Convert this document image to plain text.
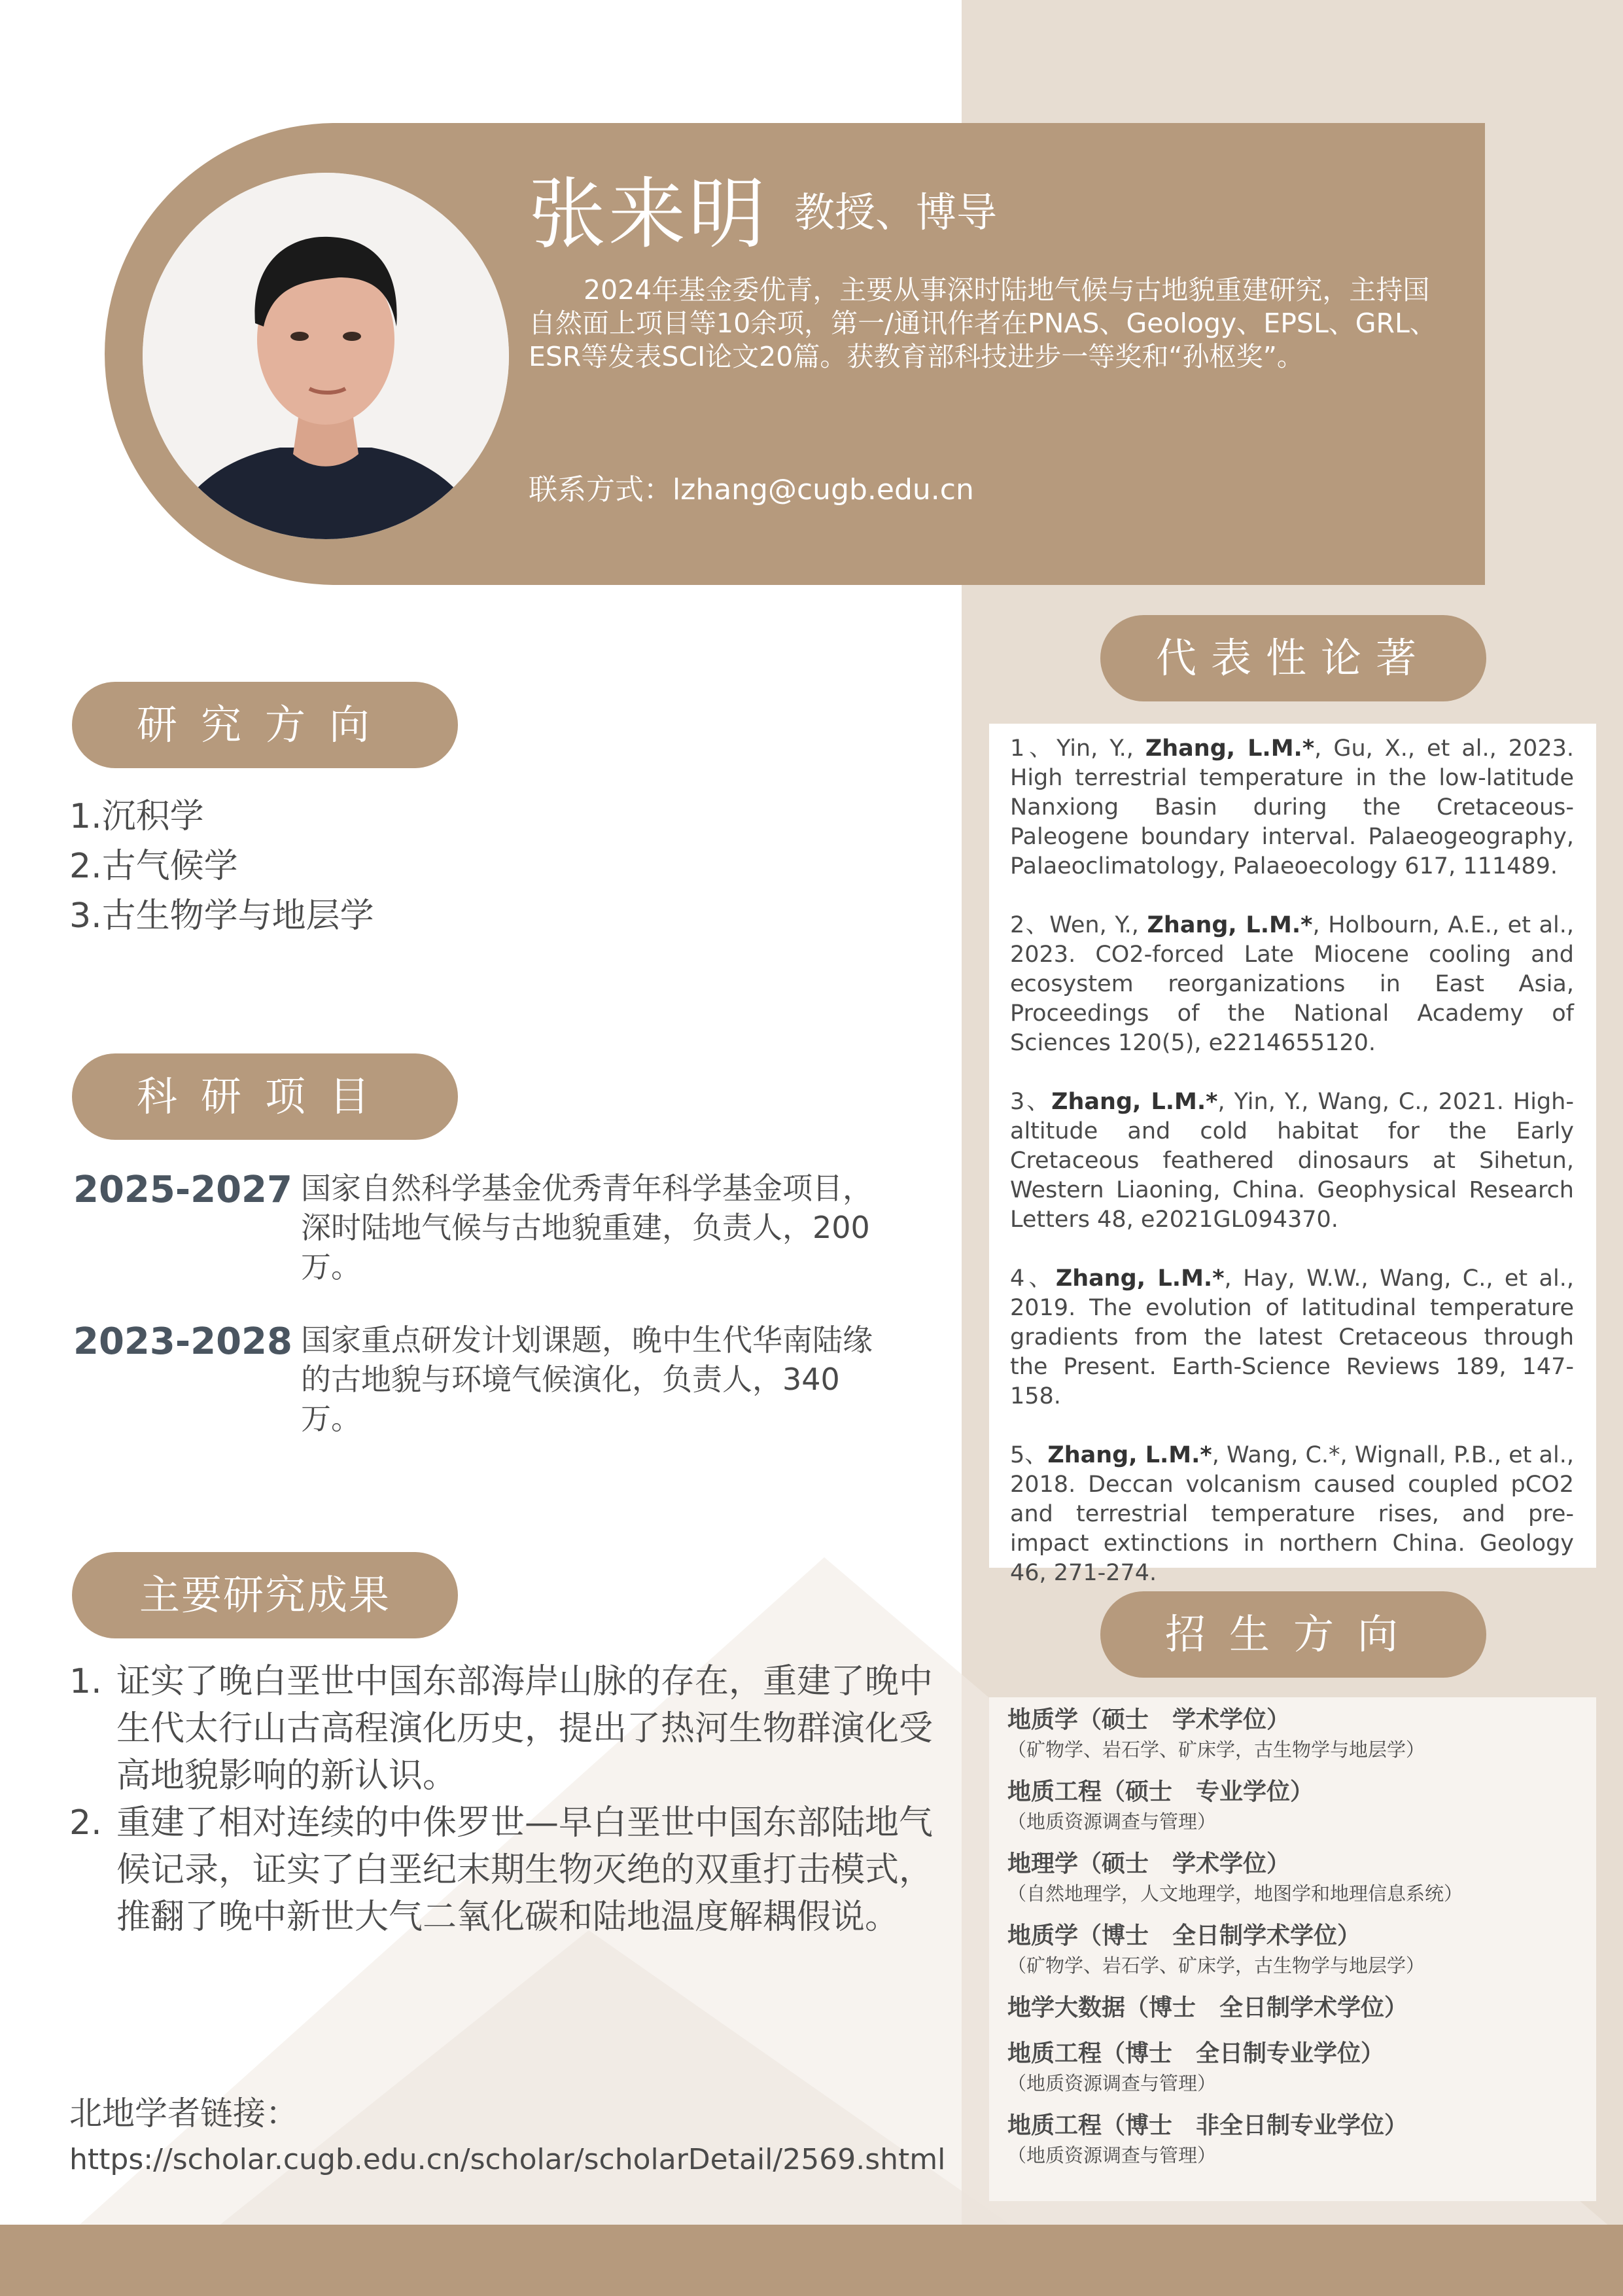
张来明 教授、博导
2024年基金委优青，主要从事深时陆地气候与古地貌重建研究，主持国自然面上项目等10余项，第一/通讯作者在PNAS、Geology、EPSL、GRL、ESR等发表SCI论文20篇。获教育部科技进步一等奖和“孙枢奖”。
联系方式：lzhang@cugb.edu.cn
研究方向
1.沉积学
2.古气候学
3.古生物学与地层学
科研项目
2025-2027 国家自然科学基金优秀青年科学基金项目，深时陆地气候与古地貌重建，负责人，200万。
2023-2028 国家重点研发计划课题，晚中生代华南陆缘的古地貌与环境气候演化，负责人，340万。
主要研究成果
1. 证实了晚白垩世中国东部海岸山脉的存在，重建了晚中生代太行山古高程演化历史，提出了热河生物群演化受高地貌影响的新认识。
2. 重建了相对连续的中侏罗世—早白垩世中国东部陆地气候记录，证实了白垩纪末期生物灭绝的双重打击模式，推翻了晚中新世大气二氧化碳和陆地温度解耦假说。
北地学者链接：
https://scholar.cugb.edu.cn/scholar/scholarDetail/2569.shtml
代表性论著
1、Yin, Y., Zhang, L.M.*, Gu, X., et al., 2023. High terrestrial temperature in the low-latitude Nanxiong Basin during the Cretaceous-Paleogene boundary interval. Palaeogeography, Palaeoclimatology, Palaeoecology 617, 111489.
2、Wen, Y., Zhang, L.M.*, Holbourn, A.E., et al., 2023. CO2-forced Late Miocene cooling and ecosystem reorganizations in East Asia, Proceedings of the National Academy of Sciences 120(5), e2214655120.
3、Zhang, L.M.*, Yin, Y., Wang, C., 2021. High-altitude and cold habitat for the Early Cretaceous feathered dinosaurs at Sihetun, Western Liaoning, China. Geophysical Research Letters 48, e2021GL094370.
4、Zhang, L.M.*, Hay, W.W., Wang, C., et al., 2019. The evolution of latitudinal temperature gradients from the latest Cretaceous through the Present. Earth-Science Reviews 189, 147-158.
5、Zhang, L.M.*, Wang, C.*, Wignall, P.B., et al., 2018. Deccan volcanism caused coupled pCO2 and terrestrial temperature rises, and pre-impact extinctions in northern China. Geology 46, 271-274.
招生方向
地质学（硕士　学术学位）
（矿物学、岩石学、矿床学，古生物学与地层学）
地质工程（硕士　专业学位）
（地质资源调查与管理）
地理学（硕士　学术学位）
（自然地理学，人文地理学，地图学和地理信息系统）
地质学（博士　全日制学术学位）
（矿物学、岩石学、矿床学，古生物学与地层学）
地学大数据（博士　全日制学术学位）
地质工程（博士　全日制专业学位）
（地质资源调查与管理）
地质工程（博士　非全日制专业学位）
（地质资源调查与管理）
